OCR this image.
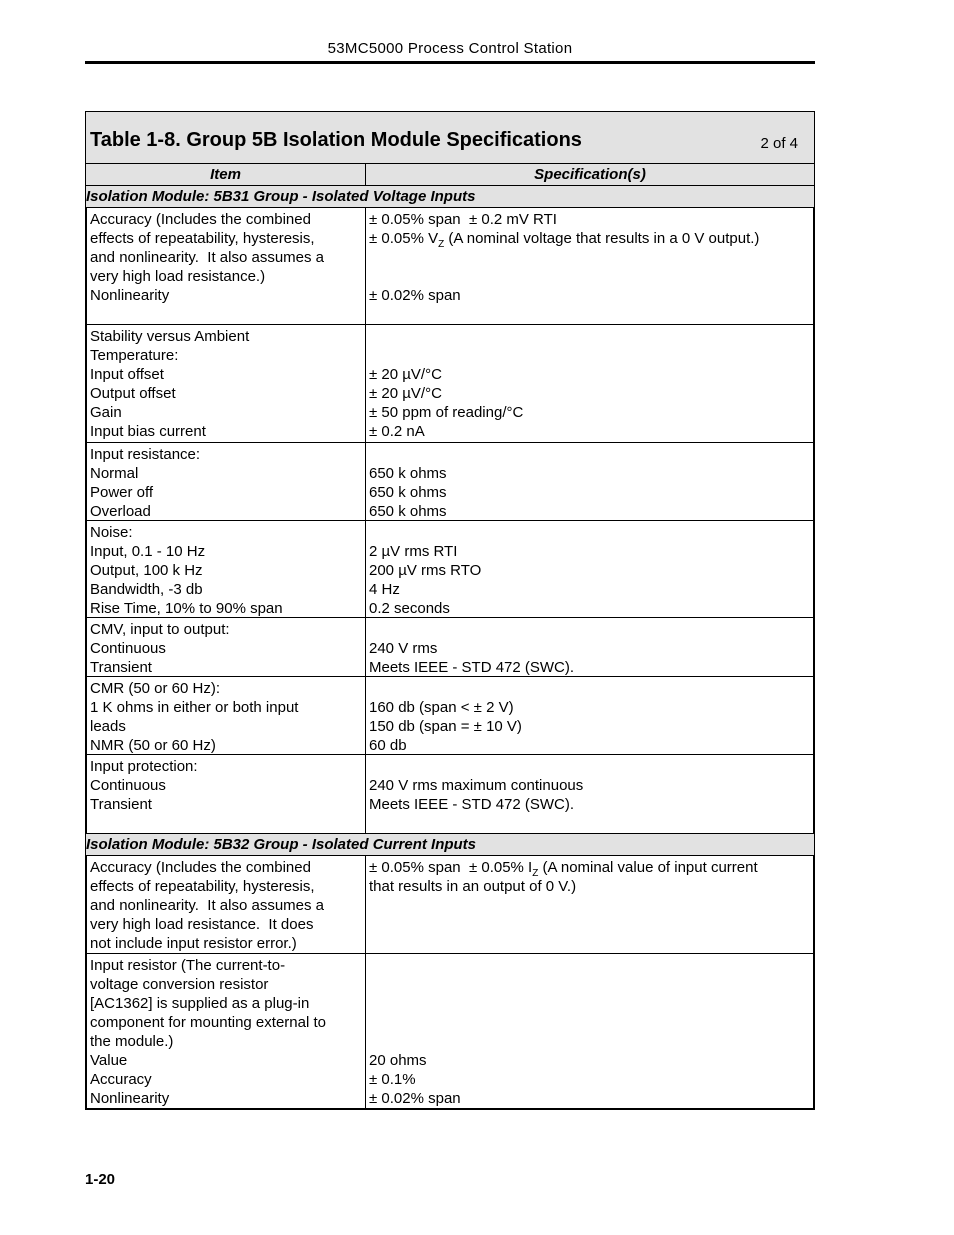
53MC5000 Process Control Station
Table 1-8. Group 5B Isolation Module Specifications	2 of 4
Item	Specification(s)
Isolation Module: 5B31 Group - Isolated Voltage Inputs
Accuracy (Includes the combined
effects of repeatability, hysteresis,
and nonlinearity.  It also assumes a
very high load resistance.)
Nonlinearity
± 0.05% span  ± 0.2 mV RTI
± 0.05% $V_Z$ (A nominal voltage that results in a 0 V output.)
± 0.02% span
Stability versus Ambient
Temperature:
Input offset
Output offset
Gain
Input bias current
± 20 µV/°C
± 20 µV/°C
± 50 ppm of reading/°C
± 0.2 nA
Input resistance:
Normal
Power off
Overload
650 k ohms
650 k ohms
650 k ohms
Noise:
Input, 0.1 - 10 Hz
Output, 100 k Hz
Bandwidth, -3 db
Rise Time, 10% to 90% span
2 µV rms RTI
200 µV rms RTO
4 Hz
0.2 seconds
CMV, input to output:
Continuous
Transient
240 V rms
Meets IEEE - STD 472 (SWC).
CMR (50 or 60 Hz):
1 K ohms in either or both input
leads
NMR (50 or 60 Hz)
160 db (span < ± 2 V)
150 db (span = ± 10 V)
60 db
Input protection:
Continuous
Transient
240 V rms maximum continuous
Meets IEEE - STD 472 (SWC).
Isolation Module: 5B32 Group - Isolated Current Inputs
Accuracy (Includes the combined
effects of repeatability, hysteresis,
and nonlinearity.  It also assumes a
very high load resistance.  It does
not include input resistor error.)
± 0.05% span  ± 0.05% $I_Z$ (A nominal value of input current
that results in an output of 0 V.)
Input resistor (The current-to-
voltage conversion resistor
[AC1362] is supplied as a plug-in
component for mounting external to
the module.)
Value
Accuracy
Nonlinearity
20 ohms
± 0.1%
± 0.02% span
1-20
